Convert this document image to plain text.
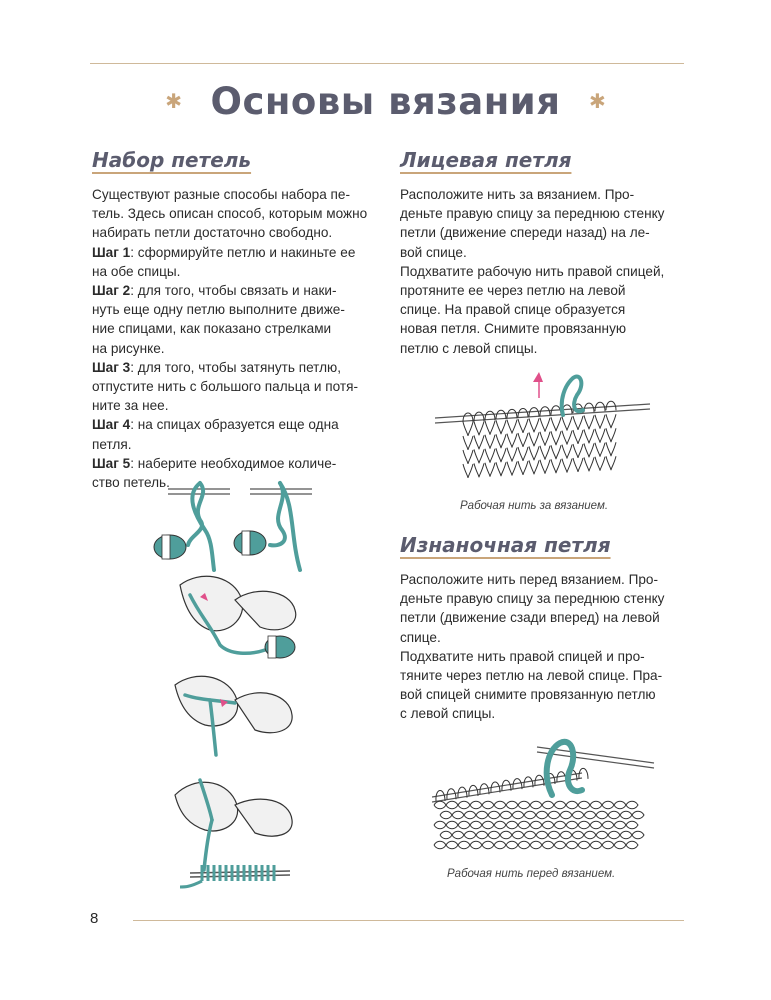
✱ Основы вязания ✱
Набор петель

Существуют разные способы набора пе-

тель. Здесь описан способ, которым можно

набирать петли достаточно свободно.

Шаг 1: сформируйте петлю и накиньте ее

на обе спицы.

Шаг 2: для того, чтобы связать и наки-

нуть еще одну петлю выполните движе-

ние спицами, как показано стрелками

на рисунке.

Шаг 3: для того, чтобы затянуть петлю,

отпустите нить с большого пальца и потя-

ните за нее.

Шаг 4: на спицах образуется еще одна петля.

Шаг 5: наберите необходимое количе-

ство петель.

Лицевая петля

Расположите нить за вязанием. Про-

деньте правую спицу за переднюю стенку

петли (движение спереди назад) на ле-

вой спице.

Подхватите рабочую нить правой спицей,

протяните ее через петлю на левой

спице. На правой спице образуется

новая петля. Снимите провязанную

петлю с левой спицы.

Рабочая нить за вязанием.
Изнаночная петля

Расположите нить перед вязанием. Про-

деньте правую спицу за переднюю стенку

петли (движение сзади вперед) на левой

спице.

Подхватите нить правой спицей и про-

тяните через петлю на левой спице. Пра-

вой спицей снимите провязанную петлю

с левой спицы.

Рабочая нить перед вязанием.
8
